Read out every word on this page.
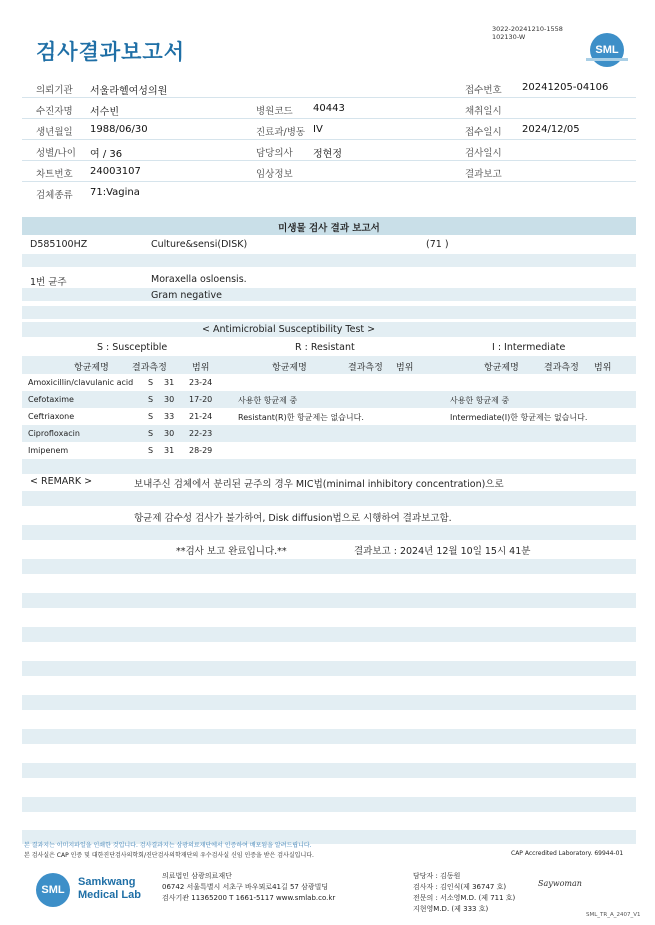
검사결과보고서
3022-20241210-1558
102130-W
SML
의뢰기관 서울라헬여성의원	접수번호 20241205-04106
수진자명 서수빈	병원코드 40443	채취일시
생년월일 1988/06/30	진료과/병동 IV	접수일시 2024/12/05
성별/나이 여 / 36	담당의사 정현정	검사일시
차트번호 24003107	임상정보	결과보고
검체종류 71:Vagina
미생물 검사 결과 보고서
D585100HZ	Culture&sensi(DISK)	(71 )
1번 균주	Moraxella osloensis.
Gram negative
< Antimicrobial Susceptibility Test >
S : Susceptible	R : Resistant	I : Intermediate
항균제명	결과측정	범위	항균제명	결과측정 범위	항균제명	결과측정 범위
Amoxicillin/clavulanic acid S 31 23-24
Cefotaxime	S 30 17-20	사용한 항균제 중	사용한 항균제 중
Ceftriaxone	S 33 21-24	Resistant(R)한 항균제는 없습니다.	Intermediate(I)한 항균제는 없습니다.
Ciprofloxacin	S 30 22-23
Imipenem	S 31 28-29
< REMARK >	보내주신 검체에서 분리된 균주의 경우 MIC법(minimal inhibitory concentration)으로
항균제 감수성 검사가 불가하여, Disk diffusion법으로 시행하여 결과보고함.
**검사 보고 완료입니다.**	결과보고 : 2024년 12월 10일 15시 41분
본 결과지는 이미지파일을 인쇄한 것입니다. 검사결과지는 삼광의료재단에서 인증하여 배포됨을 알려드립니다.
본 검사실은 CAP 인증 및 대한진단검사의학회/진단검사의학재단의 우수검사실 신임 인증을 받은 검사실입니다.	CAP Accredited Laboratory. 69944-01
SML
Samkwang
Medical Lab
의료법인 삼광의료재단
06742 서울특별시 서초구 바우뫼로41길 57 삼광빌딩
검사기관 11365200 T 1661-5117 www.smlab.co.kr
담당자 : 김동원
검사자 : 김인식(제 36747 호)
전문의 : 서소영M.D. (제 711 호)
지현영M.D. (제 333 호)
Saywoman
SML_TR_A_2407_V1
